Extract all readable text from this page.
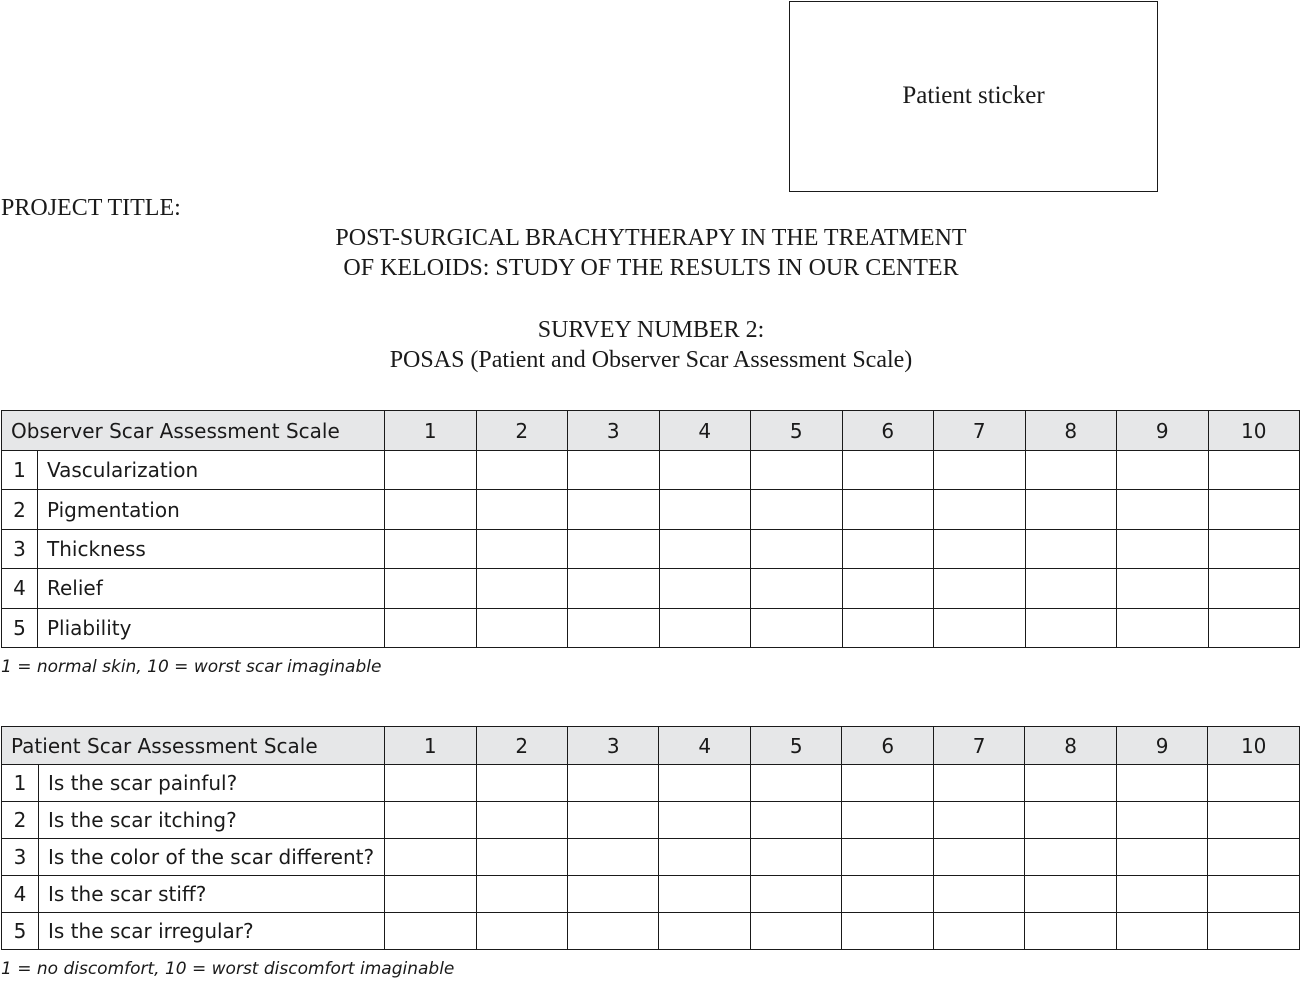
Patient sticker
PROJECT TITLE:
POST-SURGICAL BRACHYTHERAPY IN THE TREATMENT
OF KELOIDS: STUDY OF THE RESULTS IN OUR CENTER
SURVEY NUMBER 2:
POSAS (Patient and Observer Scar Assessment Scale)
Observer Scar Assessment Scale		1	2	3	4	5	6	7	8	9	10
1	Vascularization										
2	Pigmentation										
3	Thickness										
4	Relief										
5	Pliability										
1 = normal skin, 10 = worst scar imaginable
Patient Scar Assessment Scale		1	2	3	4	5	6	7	8	9	10
1	Is the scar painful?										
2	Is the scar itching?										
3	Is the color of the scar different?										
4	Is the scar stiff?										
5	Is the scar irregular?										
1 = no discomfort, 10 = worst discomfort imaginable
